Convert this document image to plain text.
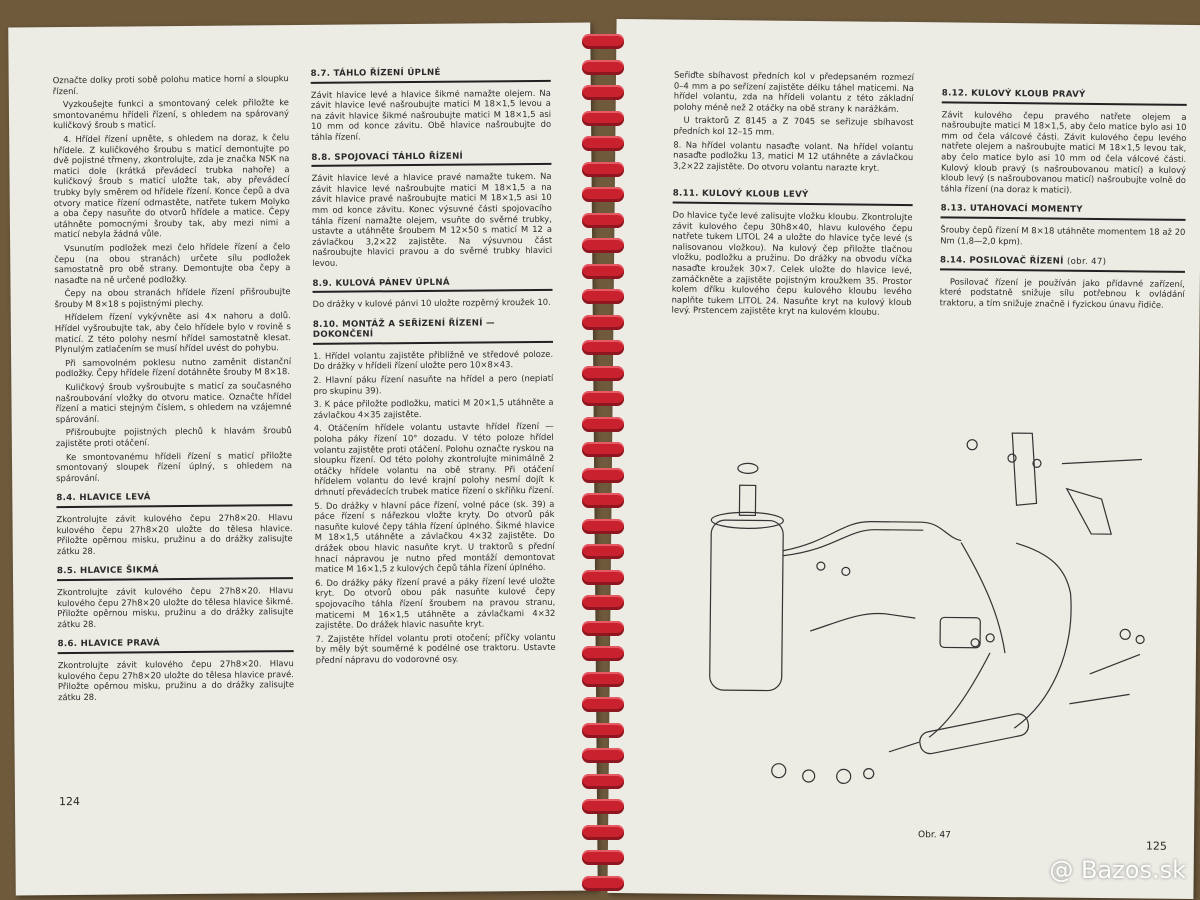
Označte dolky proti sobě polohu matice horní a sloupku řízení.

Vyzkoušejte funkci a smontovaný celek přiložte ke smontovanému hřídeli řízení, s ohledem na spárovaný kuličkový šroub s maticí.

4. Hřídel řízení upněte, s ohledem na doraz, k čelu hřídele. Z kuličkového šroubu s maticí demontujte po dvě pojistné třmeny, zkontrolujte, zda je značka NSK na matici dole (krátká převádecí trubka nahoře) a kuličkový šroub s maticí uložte tak, aby převádecí trubky byly směrem od hřídele řízení. Konce čepů a dva otvory matice řízení odmastěte, natřete tukem Molyko a oba čepy nasuňte do otvorů hřídele a matice. Čepy utáhněte pomocnými šrouby tak, aby mezi nimi a maticí nebyla žádná vůle.

Vsunutím podložek mezi čelo hřídele řízení a čelo čepu (na obou stranách) určete sílu podložek samostatně pro obě strany. Demontujte oba čepy a nasaďte na ně určené podložky.

Čepy na obou stranách hřídele řízení přišroubujte šrouby M 8×18 s pojistnými plechy.

Hřídelem řízení vykývněte asi 4× nahoru a dolů. Hřídel vyšroubujte tak, aby čelo hřídele bylo v rovině s maticí. Z této polohy nesmí hřídel samostatně klesat. Plynulým zatlačením se musí hřídel uvést do pohybu.

Při samovolném poklesu nutno zaměnit distanční podložky. Čepy hřídele řízení dotáhněte šrouby M 8×18.

Kuličkový šroub vyšroubujte s maticí za současného našroubování vložky do otvoru matice. Označte hřídel řízení a matici stejným číslem, s ohledem na vzájemné spárování.

Přišroubujte pojistných plechů k hlavám šroubů zajistěte proti otáčení.

Ke smontovanému hřídeli řízení s maticí přiložte smontovaný sloupek řízení úplný, s ohledem na spárování.

8.4. HLAVICE LEVÁ

Zkontrolujte závit kulového čepu 27h8×20. Hlavu kulového čepu 27h8×20 uložte do tělesa hlavice. Přiložte opěrnou misku, pružinu a do drážky zalisujte zátku 28.

8.5. HLAVICE ŠIKMÁ

Zkontrolujte závit kulového čepu 27h8×20. Hlavu kulového čepu 27h8×20 uložte do tělesa hlavice šikmé. Přiložte opěrnou misku, pružinu a do drážky zalisujte zátku 28.

8.6. HLAVICE PRAVÁ

Zkontrolujte závit kulového čepu 27h8×20. Hlavu kulového čepu 27h8×20 uložte do tělesa hlavice pravé. Přiložte opěrnou misku, pružinu a do drážky zalisujte zátku 28.

8.7. TÁHLO ŘÍZENÍ ÚPLNÉ

Závit hlavice levé a hlavice šikmé namažte olejem. Na závit hlavice levé našroubujte matici M 18×1,5 levou a na závit hlavice šikmé našroubujte matici M 18×1,5 asi 10 mm od konce závitu. Obě hlavice našroubujte do táhla řízení.

8.8. SPOJOVACÍ TÁHLO ŘÍZENÍ

Závit hlavice levé a hlavice pravé namažte tukem. Na závit hlavice levé našroubujte matici M 18×1,5 a na závit hlavice pravé našroubujte matici M 18×1,5 asi 10 mm od konce závitu. Konec výsuvné části spojovacího táhla řízení namažte olejem, vsuňte do svěrné trubky, ustavte a utáhněte šroubem M 12×50 s maticí M 12 a závlačkou 3,2×22 zajistěte. Na výsuvnou část našroubujte hlavici pravou a do svěrné trubky hlavici levou.

8.9. KULOVÁ PÁNEV ÚPLNÁ

Do drážky v kulové pánvi 10 uložte rozpěrný kroužek 10.

8.10. MONTÁŽ A SEŘÍZENÍ ŘÍZENÍ — DOKONČENÍ
1. Hřídel volantu zajistěte přibližně ve středové poloze. Do drážky v hřídeli řízení uložte pero 10×8×43.
2. Hlavní páku řízení nasuňte na hřídel a pero (nepiatí pro skupinu 39).
3. K páce přiložte podložku, matici M 20×1,5 utáhněte a závlačkou 4×35 zajistěte.
4. Otáčením hřídele volantu ustavte hřídel řízení — poloha páky řízení 10° dozadu. V této poloze hřídel volantu zajistěte proti otáčení. Polohu označte ryskou na sloupku řízení. Od této polohy zkontrolujte minimálně 2 otáčky hřídele volantu na obě strany. Při otáčení hřídelem volantu do levé krajní polohy nesmí dojít k drhnutí převádecích trubek matice řízení o skříňku řízení.
5. Do drážky v hlavní páce řízení, volné páce (sk. 39) a páce řízení s nářezkou vložte kryty. Do otvorů pák nasuňte kulové čepy táhla řízení úplného. Šikmé hlavice M 18×1,5 utáhněte a závlačkou 4×32 zajistěte. Do drážek obou hlavic nasuňte kryt. U traktorů s přední hnací nápravou je nutno před montáží demontovat matice M 16×1,5 z kulových čepů táhla řízení úplného.
6. Do drážky páky řízení pravé a páky řízení levé uložte kryt. Do otvorů obou pák nasuňte kulové čepy spojovacího táhla řízení šroubem na pravou stranu, maticemi M 16×1,5 utáhněte a závlačkami 4×32 zajistěte. Do drážek hlavic nasuňte kryt.
7. Zajistěte hřídel volantu proti otočení; příčky volantu by měly být souměrné k podélné ose traktoru. Ustavte přední nápravu do vodorovné osy.
124

Seřiďte sbíhavost předních kol v předepsaném rozmezí 0–4 mm a po seřízení zajistěte délku táhel maticemi. Na hřídel volantu, zda na hřídeli volantu z této základní polohy méně než 2 otáčky na obě strany k narážkám.

U traktorů Z 8145 a Z 7045 se seřizuje sbíhavost předních kol 12–15 mm.

8. Na hřídel volantu nasaďte volant. Na hřídel volantu nasaďte podložku 13, matici M 12 utáhněte a závlačkou 3,2×22 zajistěte. Do otvoru volantu narazte kryt.

8.11. KULOVÝ KLOUB LEVÝ

Do hlavice tyče levé zalisujte vložku kloubu. Zkontrolujte závit kulového čepu 30h8×40, hlavu kulového čepu natřete tukem LITOL 24 a uložte do hlavice tyče levé (s nalisovanou vložkou). Na kulový čep přiložte tlačnou vložku, podložku a pružinu. Do drážky na obvodu víčka nasaďte kroužek 30×7. Celek uložte do hlavice levé, zamáčkněte a zajistěte pojistným kroužkem 35. Prostor kolem dříku kulového čepu kulového kloubu levého naplňte tukem LITOL 24. Nasuňte kryt na kulový kloub levý. Prstencem zajistěte kryt na kulovém kloubu.

8.12. KULOVÝ KLOUB PRAVÝ

Závit kulového čepu pravého natřete olejem a našroubujte matici M 18×1,5, aby čelo matice bylo asi 10 mm od čela válcové části. Závit kulového čepu levého natřete olejem a našroubujte matici M 18×1,5 levou tak, aby čelo matice bylo asi 10 mm od čela válcové části. Kulový kloub pravý (s našroubovanou maticí) a kulový kloub levý (s našroubovanou maticí) našroubujte volně do táhla řízení (na doraz k matici).

8.13. UTAHOVACÍ MOMENTY

Šrouby čepů řízení M 8×18 utáhněte momentem 18 až 20 Nm (1,8—2,0 kpm).

8.14. POSILOVAČ ŘÍZENÍ (obr. 47)

Posilovač řízení je používán jako přídavné zařízení, které podstatně snižuje sílu potřebnou k ovládání traktoru, a tím snižuje značně i fyzickou únavu řidiče.

Obr. 47
125
@ Bazos.sk
